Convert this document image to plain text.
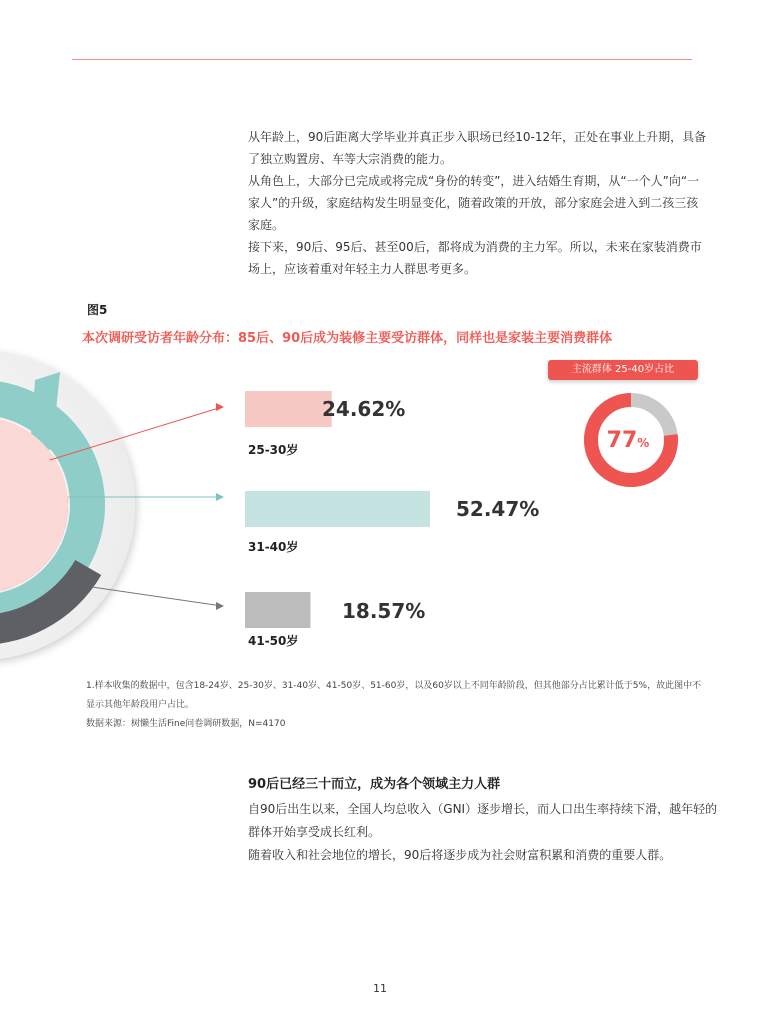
从年龄上，90后距离大学毕业并真正步入职场已经10-12年，正处在事业上升期，具备了独立购置房、车等大宗消费的能力。

从角色上，大部分已完成或将完成“身份的转变”，进入结婚生育期，从“一个人”向“一家人”的升级，家庭结构发生明显变化，随着政策的开放，部分家庭会进入到二孩三孩家庭。

接下来，90后、95后、甚至00后，都将成为消费的主力军。所以，未来在家装消费市场上，应该着重对年轻主力人群思考更多。

图5
本次调研受访者年龄分布：85后、90后成为装修主要受访群体，同样也是家装主要消费群体
24.62%
25-30岁
52.47%
31-40岁
18.57%
41-50岁
主流群体 25-40岁占比
77%

1.样本收集的数据中，包含18-24岁、25-30岁、31-40岁、41-50岁、51-60岁，以及60岁以上不同年龄阶段，但其他部分占比累计低于5%，故此图中不显示其他年龄段用户占比。

数据来源：树懒生活Fine问卷调研数据，N=4170

90后已经三十而立，成为各个领域主力人群

自90后出生以来，全国人均总收入（GNI）逐步增长，而人口出生率持续下滑，越年轻的群体开始享受成长红利。

随着收入和社会地位的增长，90后将逐步成为社会财富积累和消费的重要人群。

11
